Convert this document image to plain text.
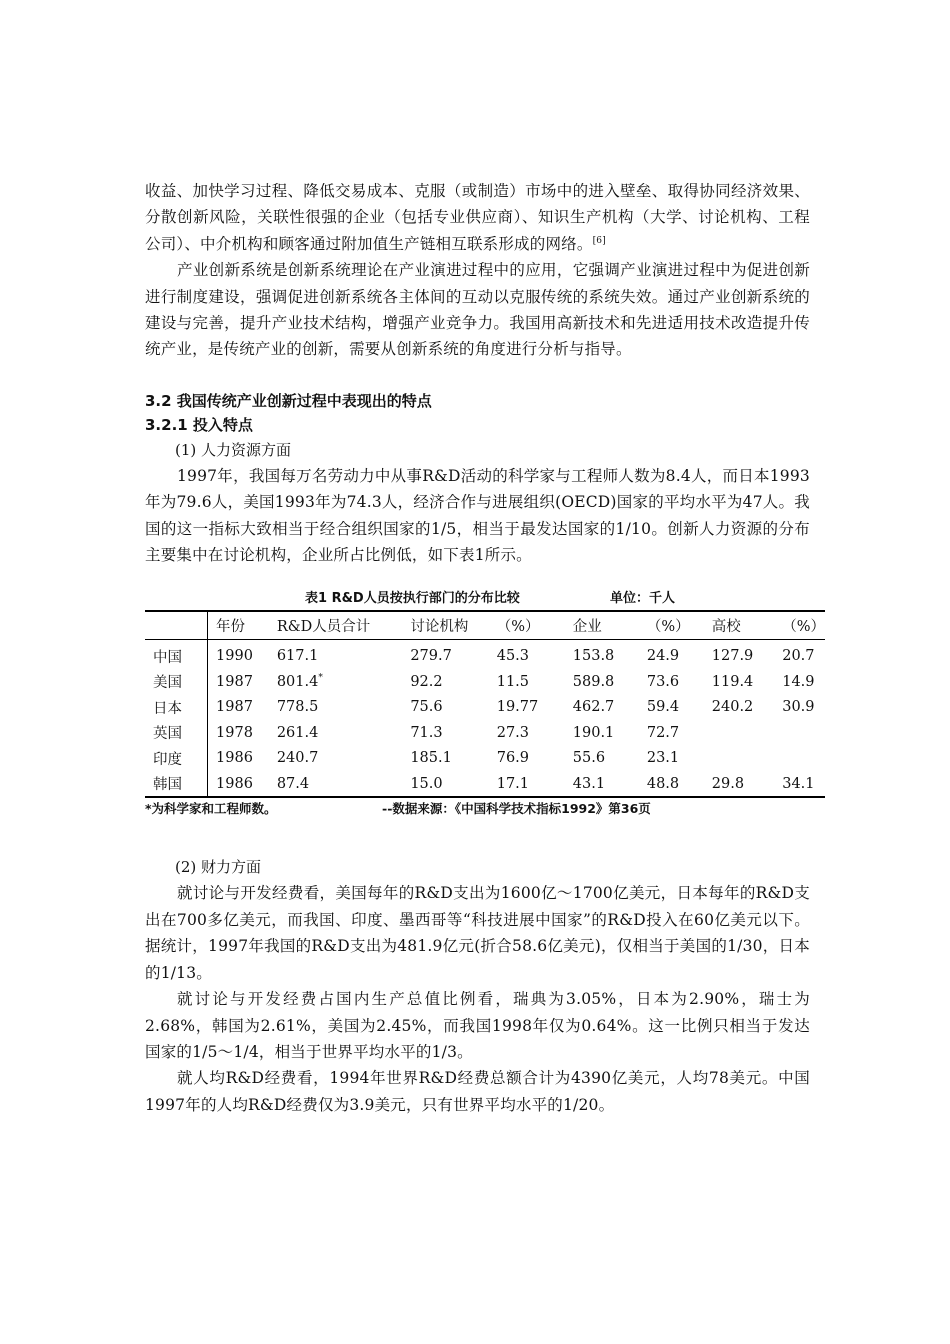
收益、加快学习过程、降低交易成本、克服（或制造）市场中的进入壁垒、取得协同经济效果、分散创新风险，关联性很强的企业（包括专业供应商）、知识生产机构（大学、讨论机构、工程公司）、中介机构和顾客通过附加值生产链相互联系形成的网络。[6]

产业创新系统是创新系统理论在产业演进过程中的应用，它强调产业演进过程中为促进创新进行制度建设，强调促进创新系统各主体间的互动以克服传统的系统失效。通过产业创新系统的建设与完善，提升产业技术结构，增强产业竞争力。我国用高新技术和先进适用技术改造提升传统产业，是传统产业的创新，需要从创新系统的角度进行分析与指导。

3.2 我国传统产业创新过程中表现出的特点
3.2.1 投入特点
(1) 人力资源方面

1997年，我国每万名劳动力中从事R&D活动的科学家与工程师人数为8.4人，而日本1993年为79.6人，美国1993年为74.3人，经济合作与进展组织(OECD)国家的平均水平为47人。我国的这一指标大致相当于经合组织国家的1/5，相当于最发达国家的1/10。创新人力资源的分布主要集中在讨论机构，企业所占比例低，如下表1所示。

表1 R&D人员按执行部门的分布比较	单位：千人
	年份	R&D人员合计	讨论机构	（%）	企业	（%）	高校	（%）
中国	1990	617.1	279.7	45.3	153.8	24.9	127.9	20.7
美国	1987	801.4*	92.2	11.5	589.8	73.6	119.4	14.9
日本	1987	778.5	75.6	19.77	462.7	59.4	240.2	30.9
英国	1978	261.4	71.3	27.3	190.1	72.7		
印度	1986	240.7	185.1	76.9	55.6	23.1		
韩国	1986	87.4	15.0	17.1	43.1	48.8	29.8	34.1
*为科学家和工程师数。	--数据来源：《中国科学技术指标1992》第36页
(2) 财力方面

就讨论与开发经费看，美国每年的R&D支出为1600亿～1700亿美元，日本每年的R&D支出在700多亿美元，而我国、印度、墨西哥等“科技进展中国家”的R&D投入在60亿美元以下。据统计，1997年我国的R&D支出为481.9亿元(折合58.6亿美元)，仅相当于美国的1/30，日本的1/13。

就讨论与开发经费占国内生产总值比例看，瑞典为3.05%，日本为2.90%，瑞士为2.68%，韩国为2.61%，美国为2.45%，而我国1998年仅为0.64%。这一比例只相当于发达国家的1/5～1/4，相当于世界平均水平的1/3。

就人均R&D经费看，1994年世界R&D经费总额合计为4390亿美元，人均78美元。中国1997年的人均R&D经费仅为3.9美元，只有世界平均水平的1/20。
